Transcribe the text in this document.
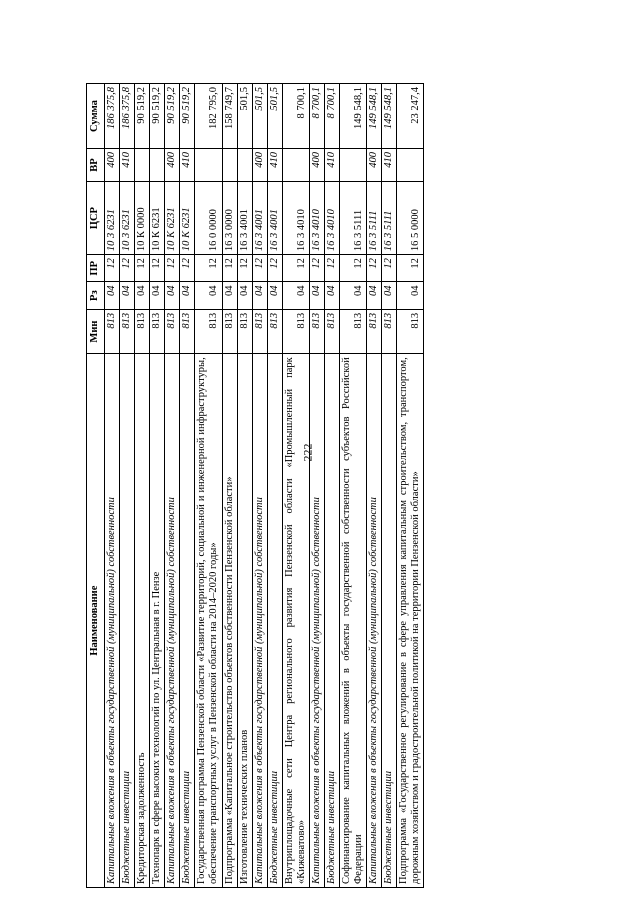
222
Наименование	Мин	Рз	ПР	ЦСР	ВР	Сумма
Капитальные вложения в объекты государственной (муниципальной) собственности	813	04	12	10 3 6231	400	186 375,8
Бюджетные инвестиции	813	04	12	10 3 6231	410	186 375,8
Кредиторская задолженность	813	04	12	10 К 0000		90 519,2
Технопарк в сфере высоких технологий по ул. Центральная в г. Пензе	813	04	12	10 К 6231		90 519,2
Капитальные вложения в объекты государственной (муниципальной) собственности	813	04	12	10 К 6231	400	90 519,2
Бюджетные инвестиции	813	04	12	10 К 6231	410	90 519,2
Государственная программа Пензенской области «Развитие территорий, социальной и инженерной инфраструктуры, обеспечение транспортных услуг в Пензенской области на 2014–2020 годы»	813	04	12	16 0 0000		182 795,0
Подпрограмма «Капитальное строительство объектов собственности Пензенской области»	813	04	12	16 3 0000		158 749,7
Изготовление технических планов	813	04	12	16 3 4001		501,5
Капитальные вложения в объекты государственной (муниципальной) собственности	813	04	12	16 3 4001	400	501,5
Бюджетные инвестиции	813	04	12	16 3 4001	410	501,5
Внутриплощадочные сети Центра регионального развития Пензенской области «Промышленный парк «Кижеватово»	813	04	12	16 3 4010		8 700,1
Капитальные вложения в объекты государственной (муниципальной) собственности	813	04	12	16 3 4010	400	8 700,1
Бюджетные инвестиции	813	04	12	16 3 4010	410	8 700,1
Софинансирование капитальных вложений в объекты государственной собственности субъектов Российской Федерации	813	04	12	16 3 5111		149 548,1
Капитальные вложения в объекты государственной (муниципальной) собственности	813	04	12	16 3 5111	400	149 548,1
Бюджетные инвестиции	813	04	12	16 3 5111	410	149 548,1
Подпрограмма «Государственное регулирование в сфере управления капитальным строительством, транспортом, дорожным хозяйством и градостроительной политикой на территории Пензенской области»	813	04	12	16 5 0000		23 247,4
